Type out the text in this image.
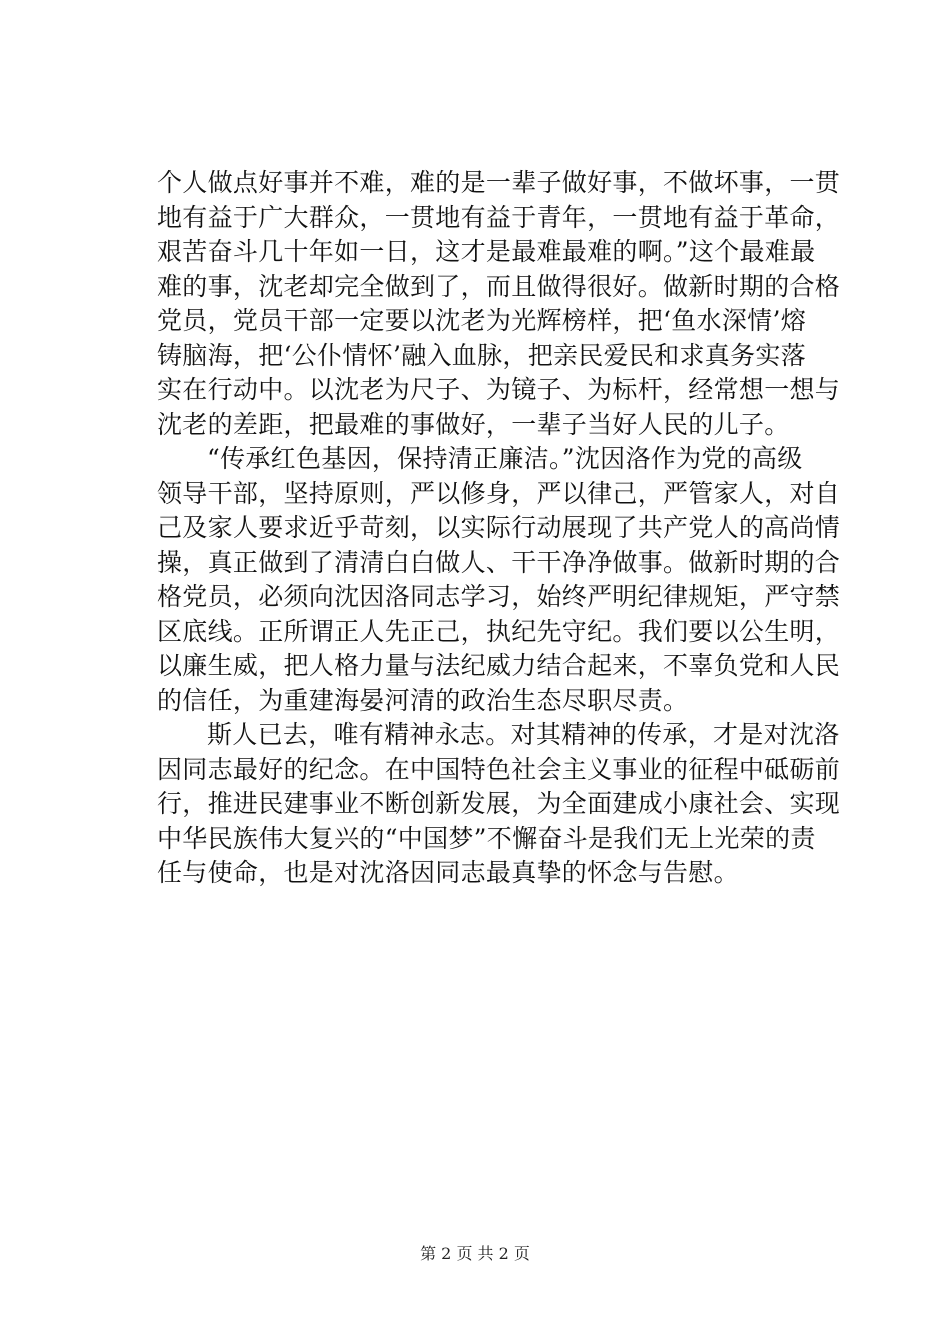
个人做点好事并不难，难的是一辈子做好事，不做坏事，一贯
地有益于广大群众，一贯地有益于青年，一贯地有益于革命，
艰苦奋斗几十年如一日，这才是最难最难的啊。”这个最难最
难的事，沈老却完全做到了，而且做得很好。做新时期的合格
党员，党员干部一定要以沈老为光辉榜样，把‘鱼水深情’熔
铸脑海，把‘公仆情怀’融入血脉，把亲民爱民和求真务实落
实在行动中。以沈老为尺子、为镜子、为标杆，经常想一想与
沈老的差距，把最难的事做好，一辈子当好人民的儿子。
“传承红色基因，保持清正廉洁。”沈因洛作为党的高级
领导干部，坚持原则，严以修身，严以律己，严管家人，对自
己及家人要求近乎苛刻，以实际行动展现了共产党人的高尚情
操，真正做到了清清白白做人、干干净净做事。做新时期的合
格党员，必须向沈因洛同志学习，始终严明纪律规矩，严守禁
区底线。正所谓正人先正己，执纪先守纪。我们要以公生明，
以廉生威，把人格力量与法纪威力结合起来，不辜负党和人民
的信任，为重建海晏河清的政治生态尽职尽责。
斯人已去，唯有精神永志。对其精神的传承，才是对沈洛
因同志最好的纪念。在中国特色社会主义事业的征程中砥砺前
行，推进民建事业不断创新发展，为全面建成小康社会、实现
中华民族伟大复兴的“中国梦”不懈奋斗是我们无上光荣的责
任与使命，也是对沈洛因同志最真挚的怀念与告慰。
第 2 页 共 2 页
